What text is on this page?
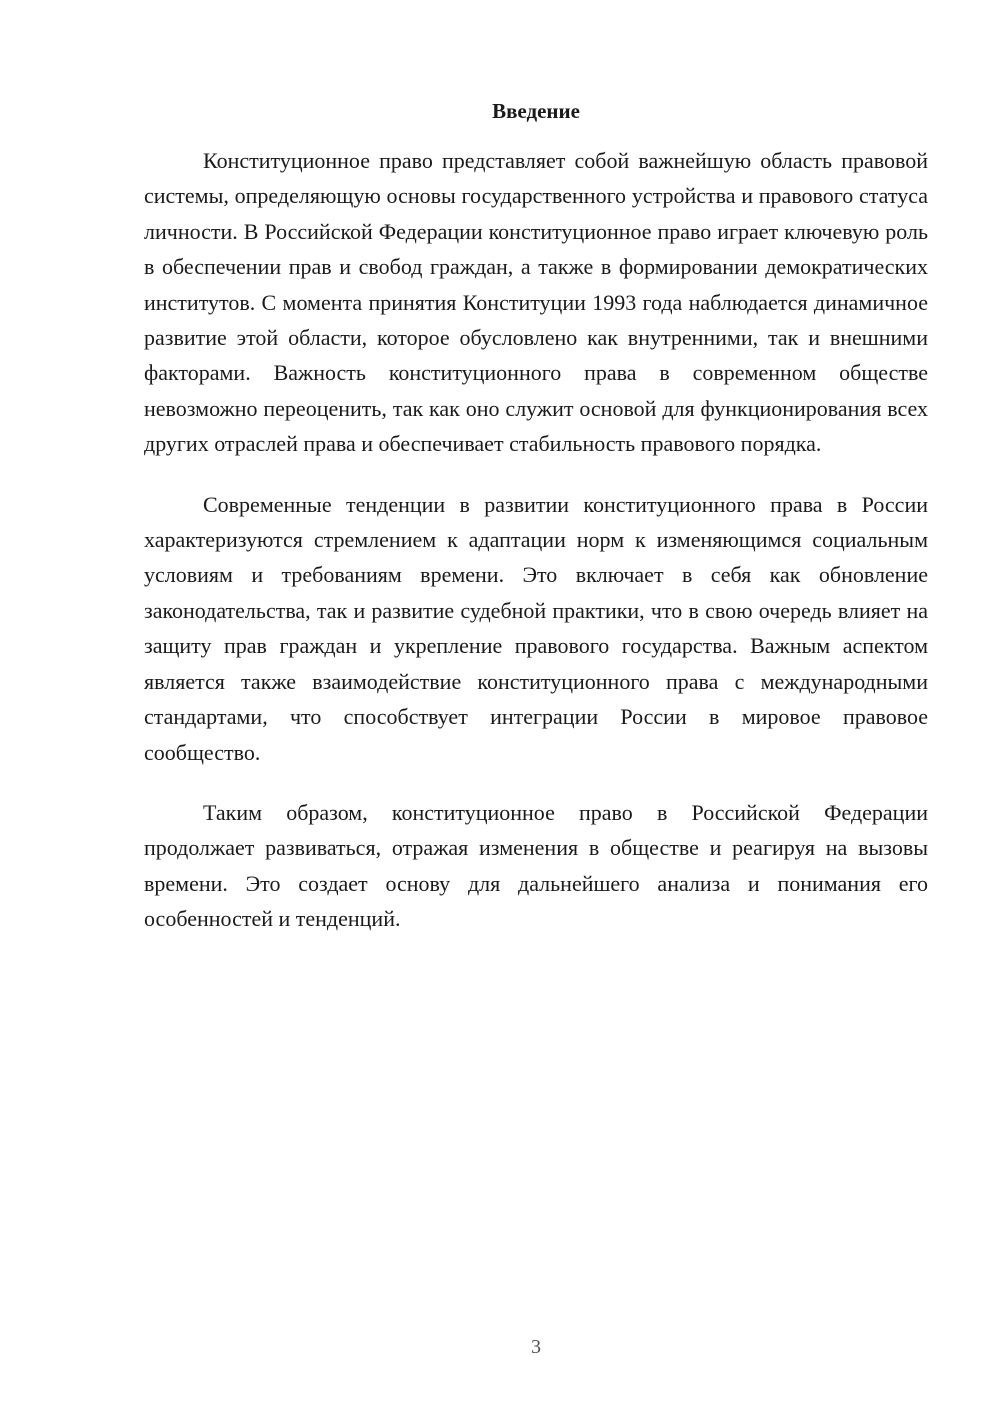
Введение

Конституционное право представляет собой важнейшую область правовой системы, определяющую основы государственного устройства и правового статуса личности. В Российской Федерации конституционное право играет ключевую роль в обеспечении прав и свобод граждан, а также в формировании демократических институтов. С момента принятия Конституции 1993 года наблюдается динамичное развитие этой области, которое обусловлено как внутренними, так и внешними факторами. Важность конституционного права в современном обществе невозможно переоценить, так как оно служит основой для функционирования всех других отраслей права и обеспечивает стабильность правового порядка.

Современные тенденции в развитии конституционного права в России характеризуются стремлением к адаптации норм к изменяющимся социальным условиям и требованиям времени. Это включает в себя как обновление законодательства, так и развитие судебной практики, что в свою очередь влияет на защиту прав граждан и укрепление правового государства. Важным аспектом является также взаимодействие конституционного права с международными стандартами, что способствует интеграции России в мировое правовое сообщество.

Таким образом, конституционное право в Российской Федерации продолжает развиваться, отражая изменения в обществе и реагируя на вызовы времени. Это создает основу для дальнейшего анализа и понимания его особенностей и тенденций.

3
